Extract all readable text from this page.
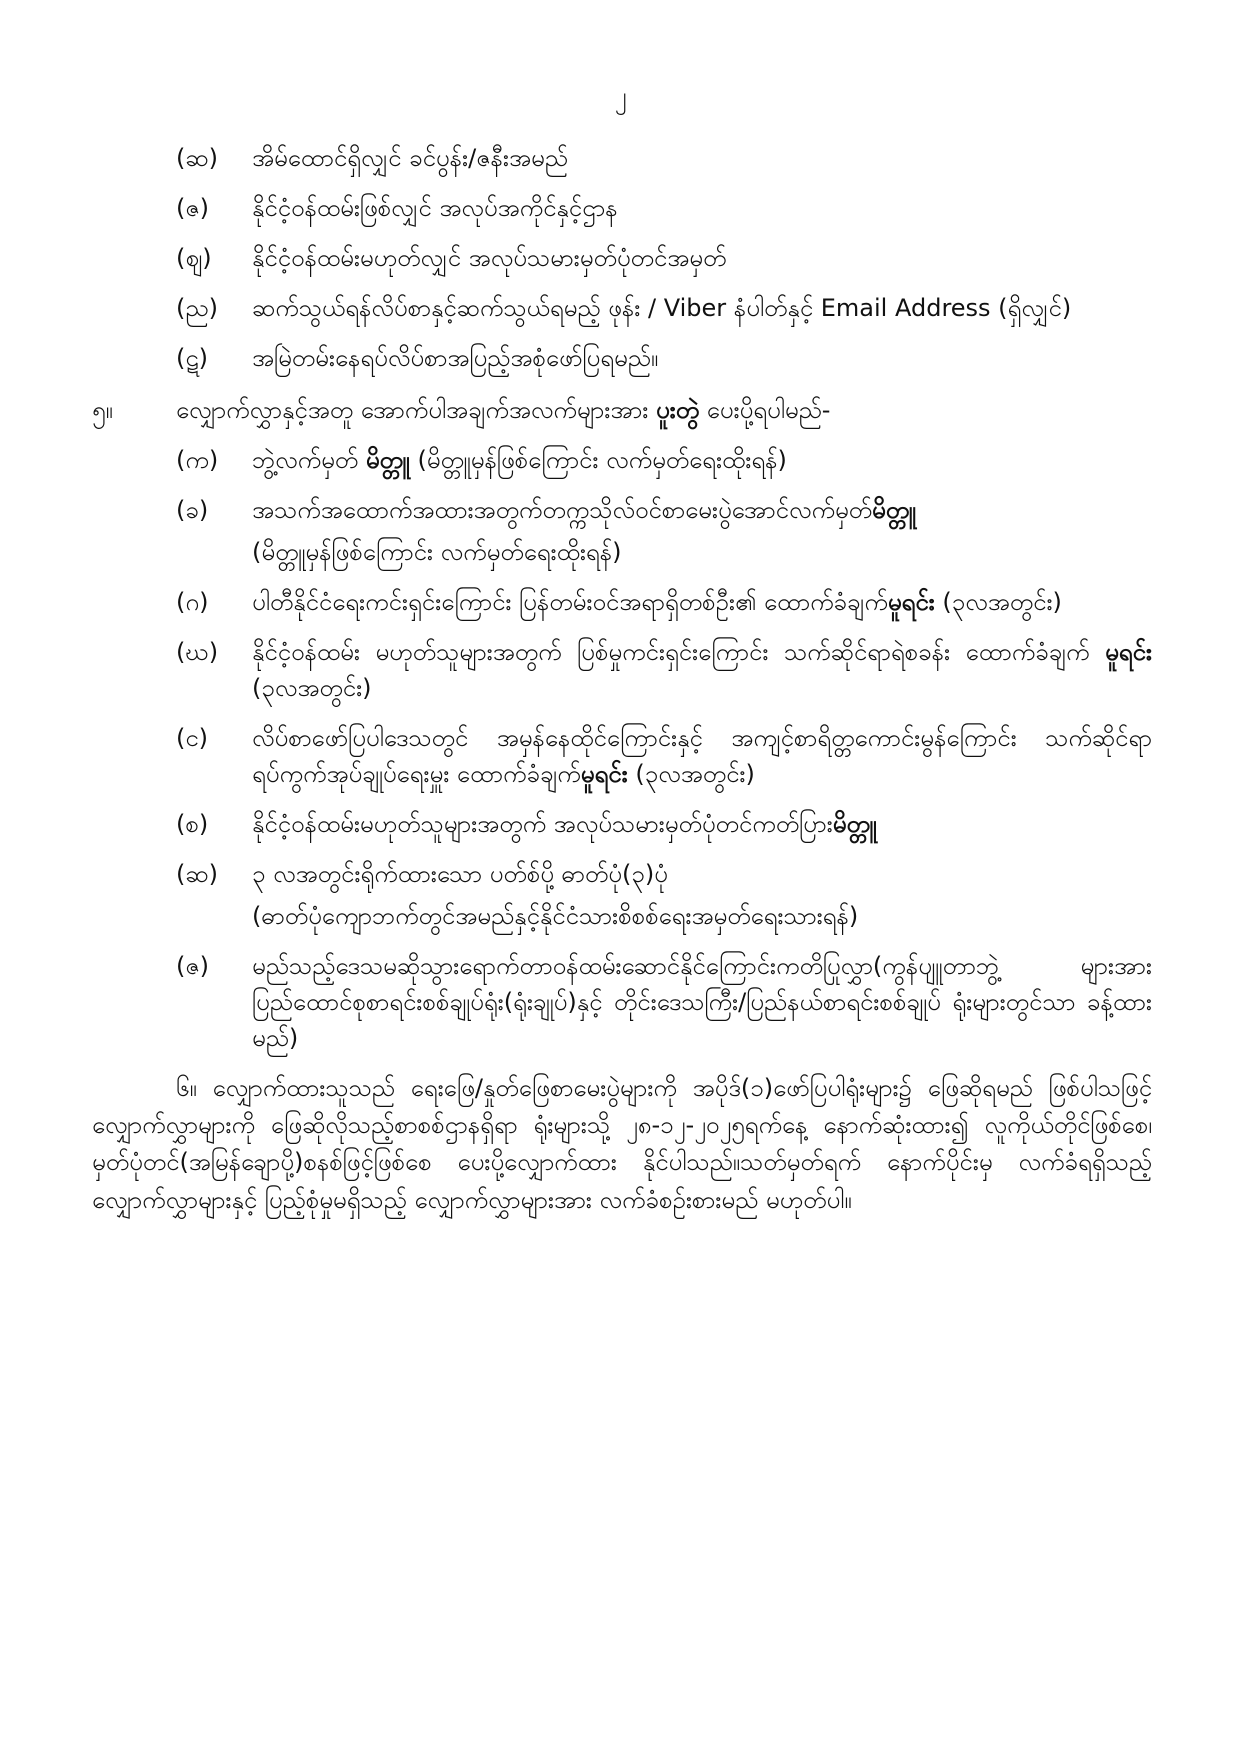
၂
(ဆ) အိမ်ထောင်ရှိလျှင် ခင်ပွန်း/ဇနီးအမည်
(ဇ) နိုင်ငံ့ဝန်ထမ်းဖြစ်လျှင် အလုပ်အကိုင်နှင့်ဌာန
(ဈ) နိုင်ငံ့ဝန်ထမ်းမဟုတ်လျှင် အလုပ်သမားမှတ်ပုံတင်အမှတ်
(ည) ဆက်သွယ်ရန်လိပ်စာနှင့်ဆက်သွယ်ရမည့် ဖုန်း / Viber နံပါတ်နှင့် Email Address (ရှိလျှင်)
(ဋ) အမြဲတမ်းနေရပ်လိပ်စာအပြည့်အစုံဖော်ပြရမည်။
၅။	လျှောက်လွှာနှင့်အတူ အောက်ပါအချက်အလက်များအား ပူးတွဲ ပေးပို့ရပါမည်-
(က) ဘွဲ့လက်မှတ် မိတ္တူ (မိတ္တူမှန်ဖြစ်ကြောင်း လက်မှတ်ရေးထိုးရန်)
(ခ) အသက်အထောက်အထားအတွက်တက္ကသိုလ်ဝင်စာမေးပွဲအောင်လက်မှတ်မိတ္တူ
(မိတ္တူမှန်ဖြစ်ကြောင်း လက်မှတ်ရေးထိုးရန်)
(ဂ) ပါတီနိုင်ငံရေးကင်းရှင်းကြောင်း ပြန်တမ်းဝင်အရာရှိတစ်ဦး၏ ထောက်ခံချက်မူရင်း (၃လအတွင်း)
(ဃ) နိုင်ငံ့ဝန်ထမ်း မဟုတ်သူများအတွက် ပြစ်မှုကင်းရှင်းကြောင်း သက်ဆိုင်ရာရဲစခန်း ထောက်ခံချက် မူရင်း (၃လအတွင်း)
(င) လိပ်စာဖော်ပြပါဒေသတွင် အမှန်နေထိုင်ကြောင်းနှင့် အကျင့်စာရိတ္တကောင်းမွန်ကြောင်း သက်ဆိုင်ရာ ရပ်ကွက်အုပ်ချုပ်ရေးမှူး ထောက်ခံချက်မူရင်း (၃လအတွင်း)
(စ) နိုင်ငံ့ဝန်ထမ်းမဟုတ်သူများအတွက် အလုပ်သမားမှတ်ပုံတင်ကတ်ပြားမိတ္တူ
(ဆ) ၃ လအတွင်းရိုက်ထားသော ပတ်စ်ပို့ ဓာတ်ပုံ(၃)ပုံ
(ဓာတ်ပုံကျောဘက်တွင်အမည်နှင့်နိုင်ငံသားစိစစ်ရေးအမှတ်ရေးသားရန်)
(ဇ) မည်သည့်ဒေသမဆိုသွားရောက်တာဝန်ထမ်းဆောင်နိုင်ကြောင်းကတိပြုလွှာ(ကွန်ပျူတာဘွဲ့ များအား ပြည်ထောင်စုစာရင်းစစ်ချုပ်ရုံး(ရုံးချုပ်)နှင့် တိုင်းဒေသကြီး/ပြည်နယ်စာရင်းစစ်ချုပ် ရုံးများတွင်သာ ခန့်ထားမည်)
၆။ လျှောက်ထားသူသည် ရေးဖြေ/နှုတ်ဖြေစာမေးပွဲများကို အပိုဒ်(၁)ဖော်ပြပါရုံးများ၌ ဖြေဆိုရမည် ဖြစ်ပါသဖြင့် လျှောက်လွှာများကို ဖြေဆိုလိုသည့်စာစစ်ဌာနရှိရာ ရုံးများသို့ ၂၈-၁၂-၂၀၂၅ရက်နေ့ နောက်ဆုံးထား၍ လူကိုယ်တိုင်ဖြစ်စေ၊ မှတ်ပုံတင်(အမြန်ချောပို့)စနစ်ဖြင့်ဖြစ်စေ ပေးပို့လျှောက်ထား နိုင်ပါသည်။သတ်မှတ်ရက် နောက်ပိုင်းမှ လက်ခံရရှိသည့် လျှောက်လွှာများနှင့် ပြည့်စုံမှုမရှိသည့် လျှောက်လွှာများအား လက်ခံစဉ်းစားမည် မဟုတ်ပါ။
